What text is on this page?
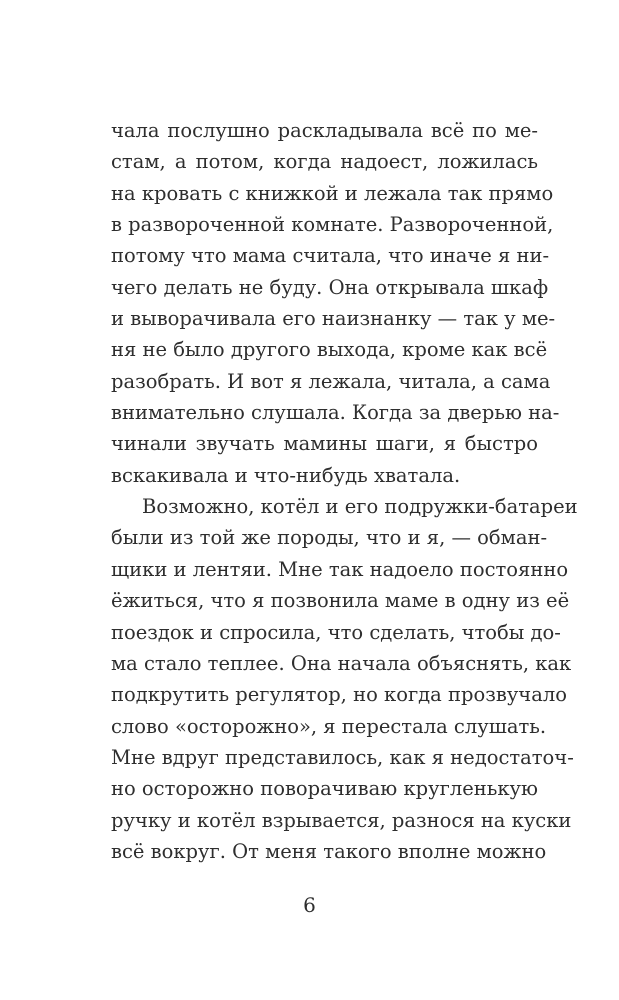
чала послушно раскладывала всё по ме-
стам, а потом, когда надоест, ложилась
на кровать с книжкой и лежала так прямо
в развороченной комнате. Развороченной,
потому что мама считала, что иначе я ни-
чего делать не буду. Она открывала шкаф
и выворачивала его наизнанку — так у ме-
ня не было другого выхода, кроме как всё
разобрать. И вот я лежала, читала, а сама
внимательно слушала. Когда за дверью на-
чинали звучать мамины шаги, я быстро
вскакивала и что-нибудь хватала.
Возможно, котёл и его подружки-батареи
были из той же породы, что и я, — обман-
щики и лентяи. Мне так надоело постоянно
ёжиться, что я позвонила маме в одну из её
поездок и спросила, что сделать, чтобы до-
ма стало теплее. Она начала объяснять, как
подкрутить регулятор, но когда прозвучало
слово «осторожно», я перестала слушать.
Мне вдруг представилось, как я недостаточ-
но осторожно поворачиваю кругленькую
ручку и котёл взрывается, разнося на куски
всё вокруг. От меня такого вполне можно
6
